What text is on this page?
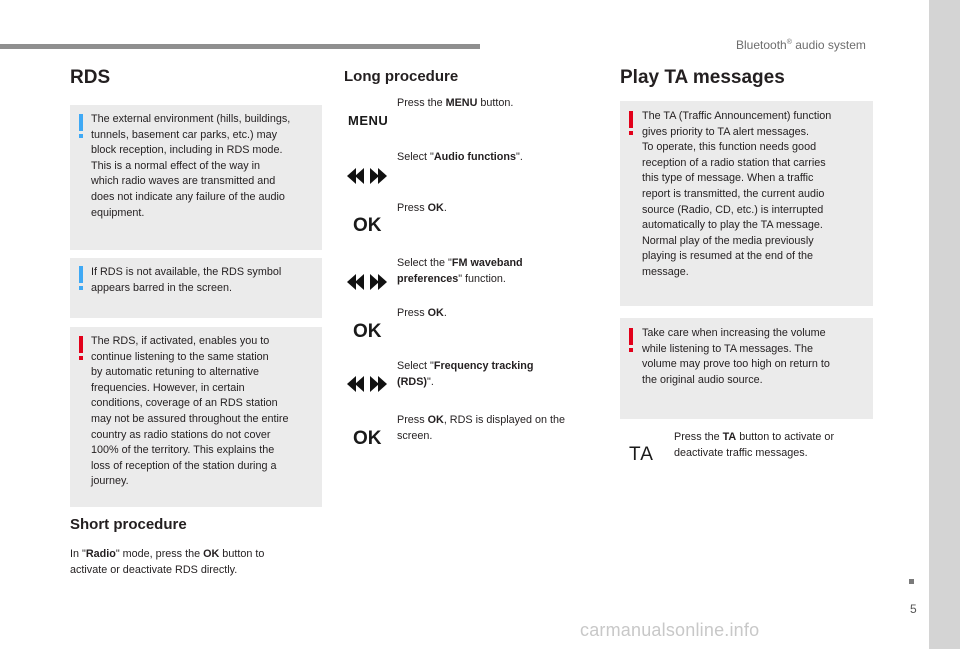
Bluetooth® audio system
5
carmanualsonline.info
RDS
The external environment (hills, buildings,
tunnels, basement car parks, etc.) may
block reception, including in RDS mode.
This is a normal effect of the way in
which radio waves are transmitted and
does not indicate any failure of the audio
equipment.
If RDS is not available, the RDS symbol
appears barred in the screen.
The RDS, if activated, enables you to
continue listening to the same station
by automatic retuning to alternative
frequencies. However, in certain
conditions, coverage of an RDS station
may not be assured throughout the entire
country as radio stations do not cover
100% of the territory. This explains the
loss of reception of the station during a
journey.
Short procedure
In "Radio" mode, press the OK button to
activate or deactivate RDS directly.
Long procedure
MENU
Press the MENU button.
Select "Audio functions".
OK
Press OK.
Select the "FM waveband
preferences" function.
OK
Press OK.
Select "Frequency tracking
(RDS)".
OK
Press OK, RDS is displayed on the
screen.
Play TA messages
The TA (Traffic Announcement) function
gives priority to TA alert messages.
To operate, this function needs good
reception of a radio station that carries
this type of message. When a traffic
report is transmitted, the current audio
source (Radio, CD, etc.) is interrupted
automatically to play the TA message.
Normal play of the media previously
playing is resumed at the end of the
message.
Take care when increasing the volume
while listening to TA messages. The
volume may prove too high on return to
the original audio source.
TA
Press the TA button to activate or
deactivate traffic messages.
